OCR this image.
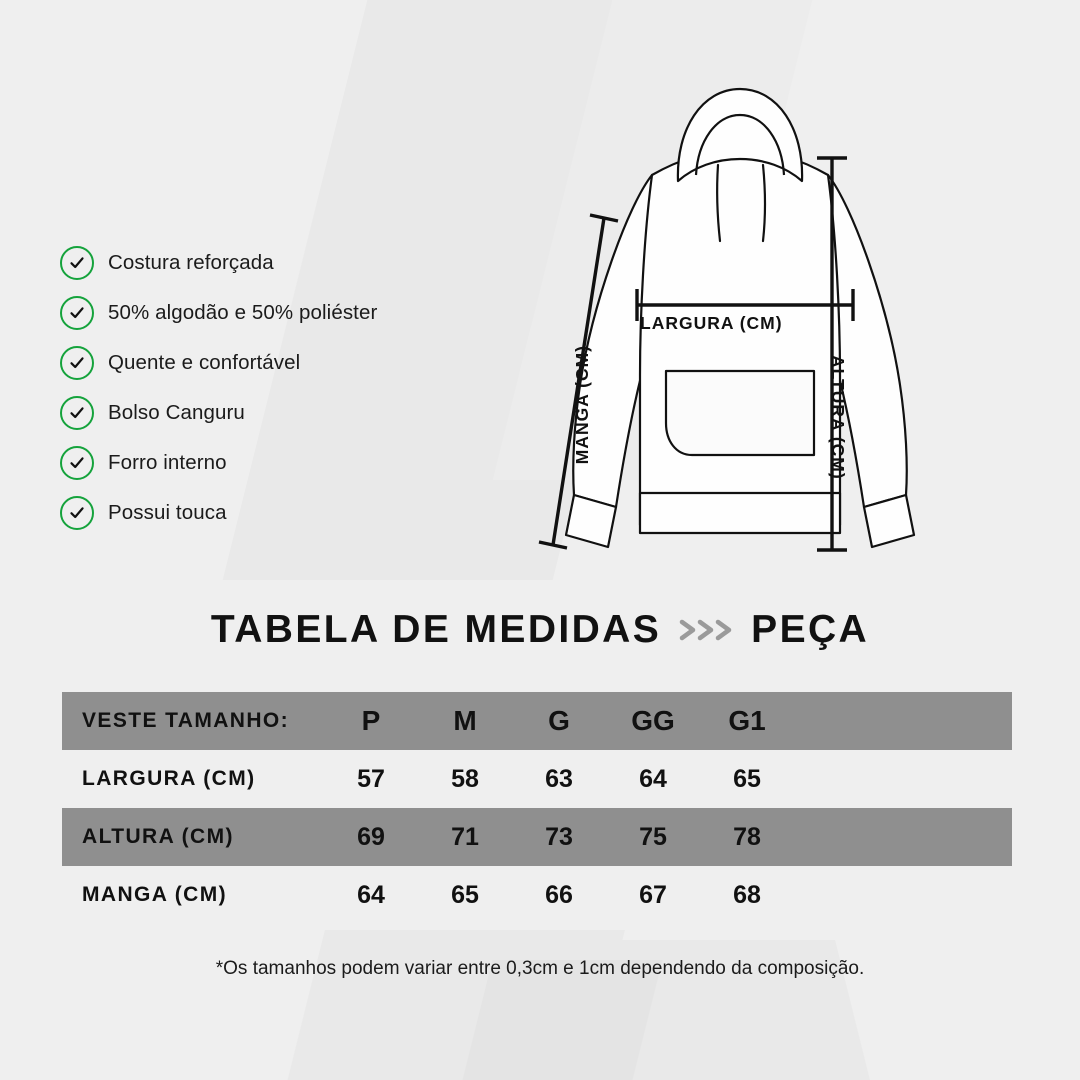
Costura reforçada
50% algodão e 50% poliéster
Quente e confortável
Bolso Canguru
Forro interno
Possui touca
LARGURA (CM)
ALTURA (CM)
MANGA (CM)
TABELA DE MEDIDAS PEÇA
VESTE TAMANHO:	P	M	G	GG	G1
LARGURA (CM)	57	58	63	64	65
ALTURA (CM)	69	71	73	75	78
MANGA (CM)	64	65	66	67	68
*Os tamanhos podem variar entre 0,3cm e 1cm dependendo da composição.
